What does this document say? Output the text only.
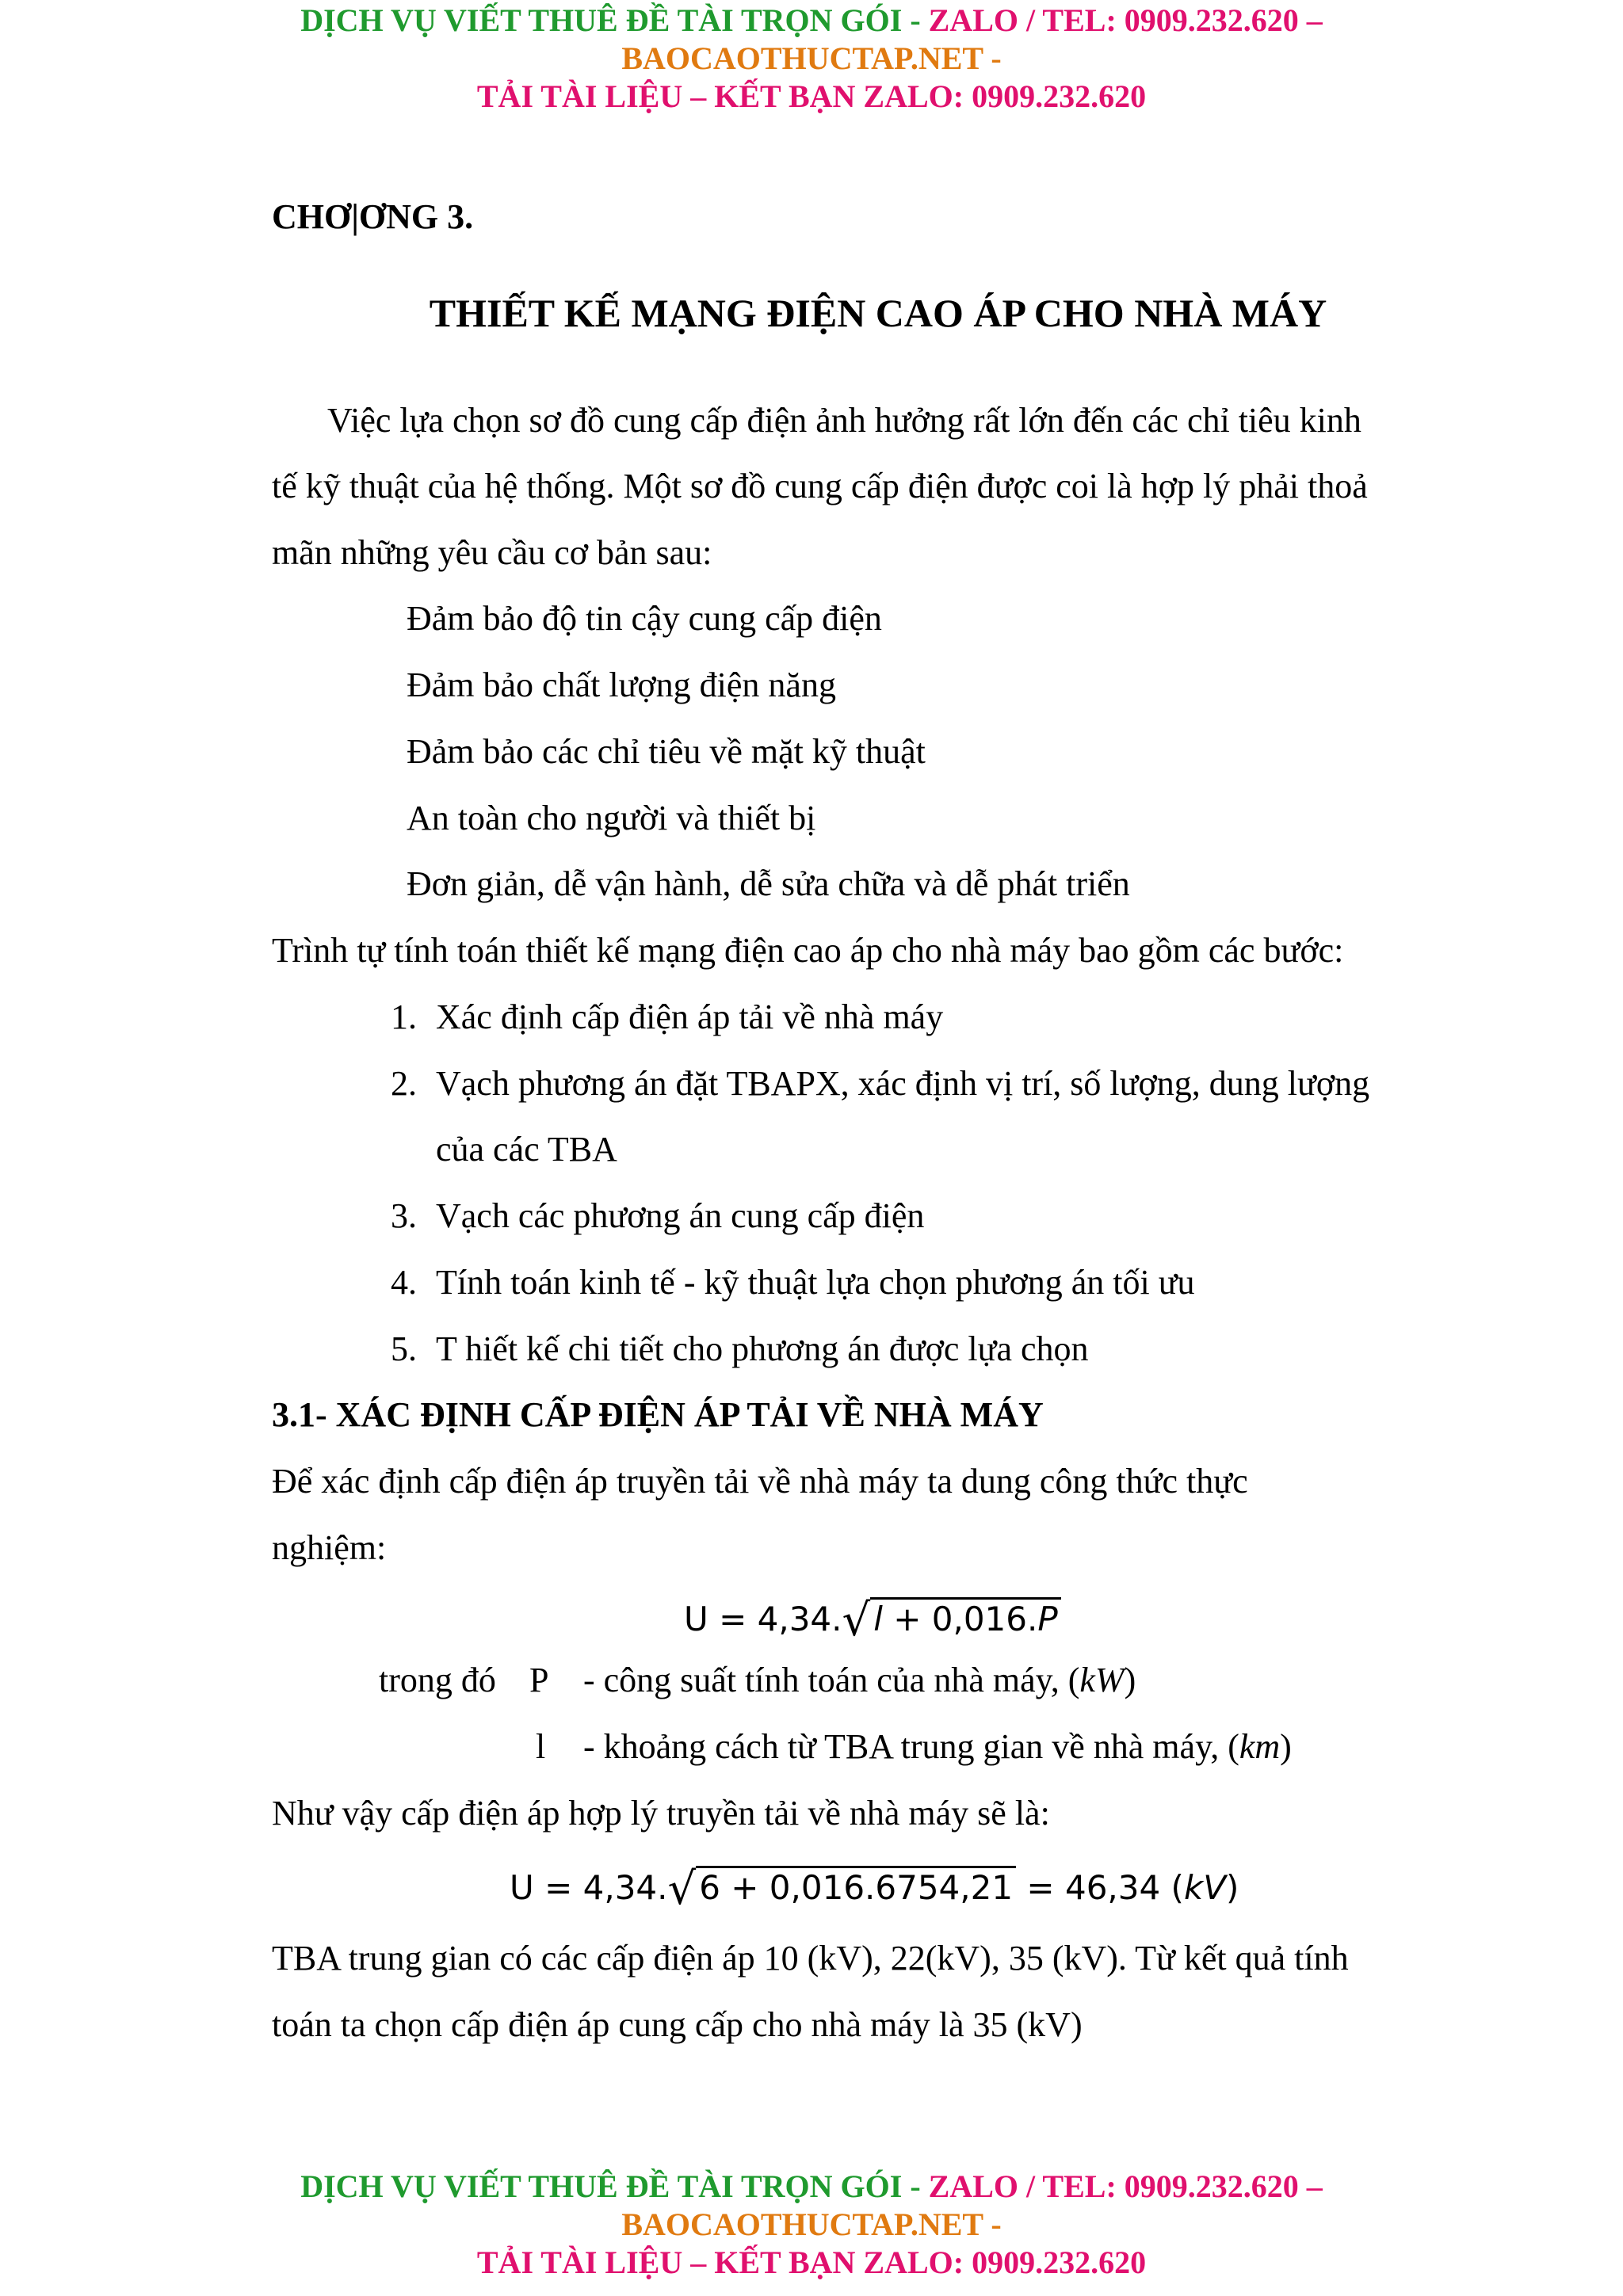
DỊCH VỤ VIẾT THUÊ ĐỀ TÀI TRỌN GÓI - ZALO / TEL: 0909.232.620 –
BAOCAOTHUCTAP.NET -
TẢI TÀI LIỆU – KẾT BẠN ZALO: 0909.232.620
CHƠ|ƠNG 3.
THIẾT KẾ MẠNG ĐIỆN CAO ÁP CHO NHÀ MÁY
Việc lựa chọn sơ đồ cung cấp điện ảnh hưởng rất lớn đến các chỉ tiêu kinh
tế kỹ thuật của hệ thống. Một sơ đồ cung cấp điện được coi là hợp lý phải thoả
mãn những yêu cầu cơ bản sau:
Đảm bảo độ tin cậy cung cấp điện
Đảm bảo chất lượng điện năng
Đảm bảo các chỉ tiêu về mặt kỹ thuật
An toàn cho người và thiết bị
Đơn giản, dễ vận hành, dễ sửa chữa và dễ phát triển
Trình tự tính toán thiết kế mạng điện cao áp cho nhà máy bao gồm các bước:
1. Xác định cấp điện áp tải về nhà máy
2. Vạch phương án đặt TBAPX, xác định vị trí, số lượng, dung lượng
của các TBA
3. Vạch các phương án cung cấp điện
4. Tính toán kinh tế - kỹ thuật lựa chọn phương án tối ưu
5. T hiết kế chi tiết cho phương án được lựa chọn
3.1- XÁC ĐỊNH CẤP ĐIỆN ÁP TẢI VỀ NHÀ MÁY
Để xác định cấp điện áp truyền tải về nhà máy ta dung công thức thực
nghiệm:
U = 4,34.√l + 0,016.P
trong đó P - công suất tính toán của nhà máy, (kW)
l - khoảng cách từ TBA trung gian về nhà máy, (km)
Như vậy cấp điện áp hợp lý truyền tải về nhà máy sẽ là:
U = 4,34.√6 + 0,016.6754,21 = 46,34 (kV)
TBA trung gian có các cấp điện áp 10 (kV), 22(kV), 35 (kV). Từ kết quả tính
toán ta chọn cấp điện áp cung cấp cho nhà máy là 35 (kV)
DỊCH VỤ VIẾT THUÊ ĐỀ TÀI TRỌN GÓI - ZALO / TEL: 0909.232.620 –
BAOCAOTHUCTAP.NET -
TẢI TÀI LIỆU – KẾT BẠN ZALO: 0909.232.620
